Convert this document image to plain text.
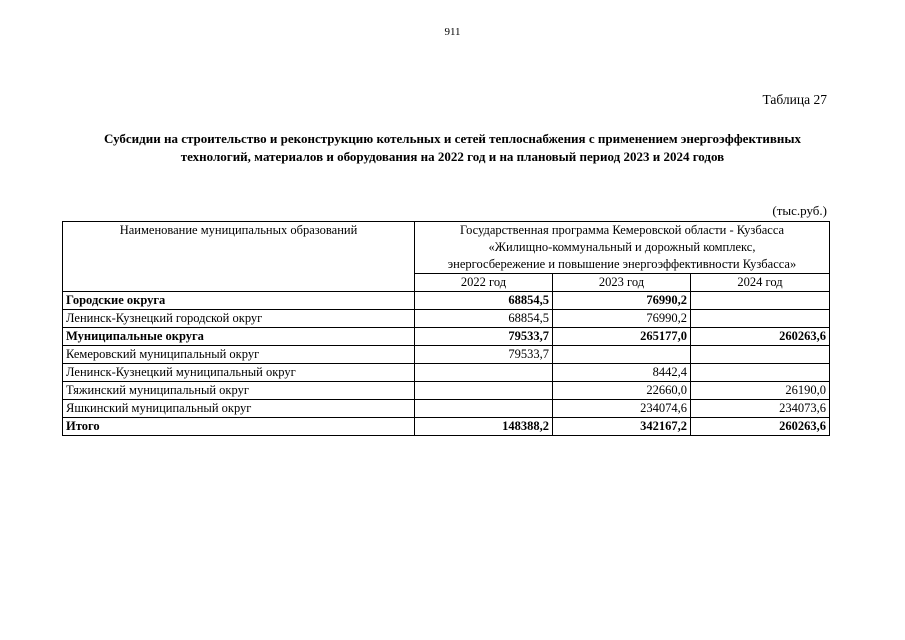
911
Таблица 27
Субсидии на строительство и реконструкцию котельных и сетей теплоснабжения с применением энергоэффективных
технологий, материалов и оборудования на 2022 год и на плановый период 2023 и 2024 годов
(тыс.руб.)
Наименование муниципальных образований	Государственная программа Кемеровской области - Кузбасса
«Жилищно-коммунальный и дорожный комплекс,
энергосбережение и повышение энергоэффективности Кузбасса»		

	2022 год	2023 год	2024 год
Городские округа	68854,5	76990,2	
Ленинск-Кузнецкий городской округ	68854,5	76990,2	
Муниципальные округа	79533,7	265177,0	260263,6
Кемеровский муниципальный округ	79533,7		
Ленинск-Кузнецкий муниципальный округ		8442,4	
Тяжинский муниципальный округ		22660,0	26190,0
Яшкинский муниципальный округ		234074,6	234073,6
Итого	148388,2	342167,2	260263,6
